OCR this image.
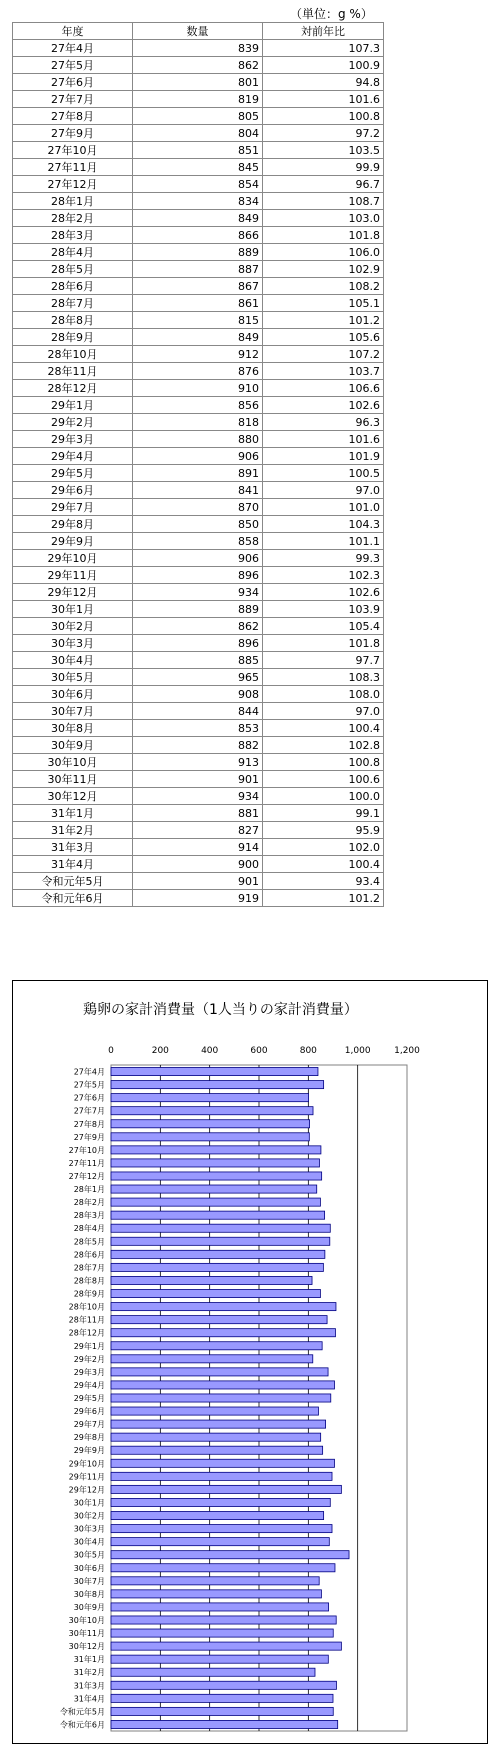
（単位：g %）
年度	数量	対前年比
27年4月	839	107.3
27年5月	862	100.9
27年6月	801	94.8
27年7月	819	101.6
27年8月	805	100.8
27年9月	804	97.2
27年10月	851	103.5
27年11月	845	99.9
27年12月	854	96.7
28年1月	834	108.7
28年2月	849	103.0
28年3月	866	101.8
28年4月	889	106.0
28年5月	887	102.9
28年6月	867	108.2
28年7月	861	105.1
28年8月	815	101.2
28年9月	849	105.6
28年10月	912	107.2
28年11月	876	103.7
28年12月	910	106.6
29年1月	856	102.6
29年2月	818	96.3
29年3月	880	101.6
29年4月	906	101.9
29年5月	891	100.5
29年6月	841	97.0
29年7月	870	101.0
29年8月	850	104.3
29年9月	858	101.1
29年10月	906	99.3
29年11月	896	102.3
29年12月	934	102.6
30年1月	889	103.9
30年2月	862	105.4
30年3月	896	101.8
30年4月	885	97.7
30年5月	965	108.3
30年6月	908	108.0
30年7月	844	97.0
30年8月	853	100.4
30年9月	882	102.8
30年10月	913	100.8
30年11月	901	100.6
30年12月	934	100.0
31年1月	881	99.1
31年2月	827	95.9
31年3月	914	102.0
31年4月	900	100.4
令和元年5月	901	93.4
令和元年6月	919	101.2
鶏卵の家計消費量（1人当りの家計消費量）
0	200	400	600	800	1,000	1,200
27年4月
27年5月
27年6月
27年7月
27年8月
27年9月
27年10月
27年11月
27年12月
28年1月
28年2月
28年3月
28年4月
28年5月
28年6月
28年7月
28年8月
28年9月
28年10月
28年11月
28年12月
29年1月
29年2月
29年3月
29年4月
29年5月
29年6月
29年7月
29年8月
29年9月
29年10月
29年11月
29年12月
30年1月
30年2月
30年3月
30年4月
30年5月
30年6月
30年7月
30年8月
30年9月
30年10月
30年11月
30年12月
31年1月
31年2月
31年3月
31年4月
令和元年5月
令和元年6月
